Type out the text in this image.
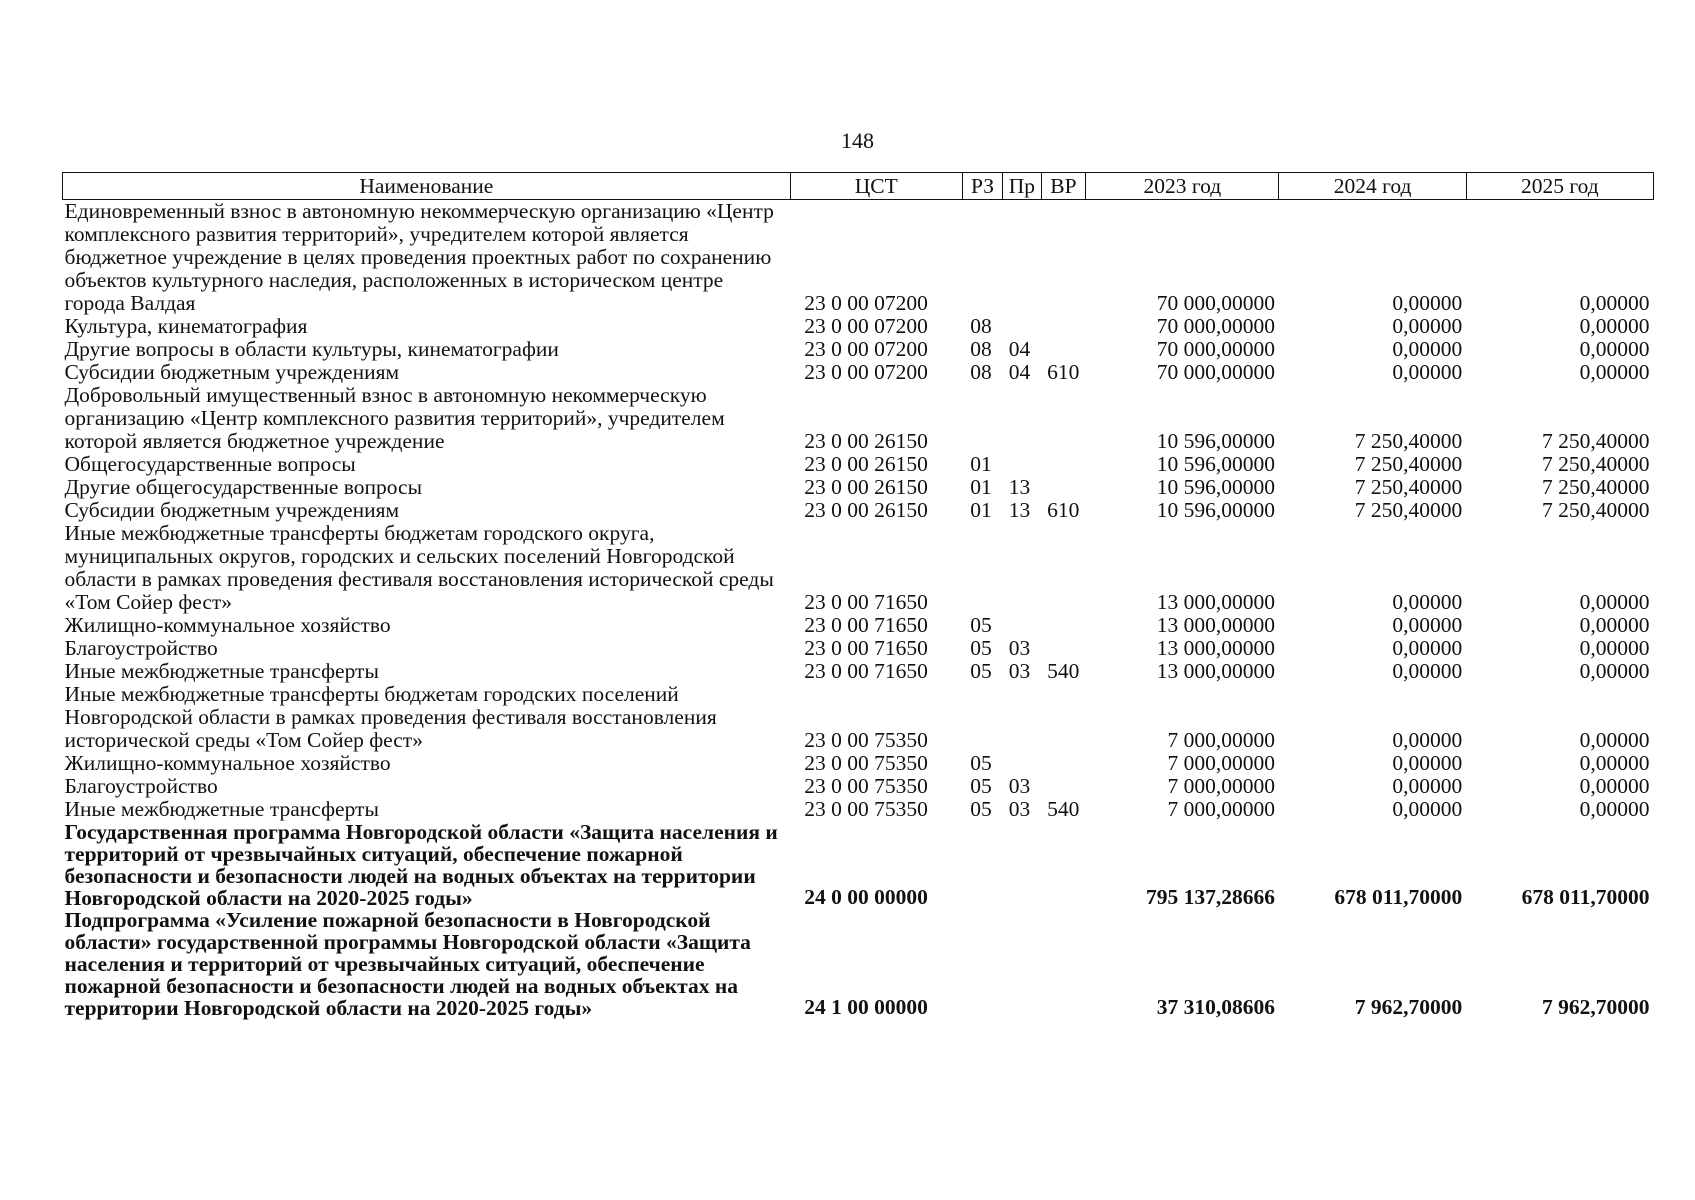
148
Наименование	ЦСТ	РЗ	Пр	ВР	2023 год	2024 год	2025 год
Единовременный взнос в автономную некоммерческую организацию «Центр комплексного развития территорий», учредителем которой является бюджетное учреждение в целях проведения проектных работ по сохранению объектов культурного наследия, расположенных в историческом центре города Валдая	23 0 00 07200				70 000,00000	0,00000	0,00000
Культура, кинематография	23 0 00 07200	08			70 000,00000	0,00000	0,00000
Другие вопросы в области культуры, кинематографии	23 0 00 07200	08	04		70 000,00000	0,00000	0,00000
Субсидии бюджетным учреждениям	23 0 00 07200	08	04	610	70 000,00000	0,00000	0,00000
Добровольный имущественный взнос в автономную некоммерческую организацию «Центр комплексного развития территорий», учредителем которой является бюджетное учреждение	23 0 00 26150				10 596,00000	7 250,40000	7 250,40000
Общегосударственные вопросы	23 0 00 26150	01			10 596,00000	7 250,40000	7 250,40000
Другие общегосударственные вопросы	23 0 00 26150	01	13		10 596,00000	7 250,40000	7 250,40000
Субсидии бюджетным учреждениям	23 0 00 26150	01	13	610	10 596,00000	7 250,40000	7 250,40000
Иные межбюджетные трансферты бюджетам городского округа, муниципальных округов, городских и сельских поселений Новгородской области в рамках проведения фестиваля восстановления исторической среды «Том Сойер фест»	23 0 00 71650				13 000,00000	0,00000	0,00000
Жилищно-коммунальное хозяйство	23 0 00 71650	05			13 000,00000	0,00000	0,00000
Благоустройство	23 0 00 71650	05	03		13 000,00000	0,00000	0,00000
Иные межбюджетные трансферты	23 0 00 71650	05	03	540	13 000,00000	0,00000	0,00000
Иные межбюджетные трансферты бюджетам городских поселений Новгородской области в рамках проведения фестиваля восстановления исторической среды «Том Сойер фест»	23 0 00 75350				7 000,00000	0,00000	0,00000
Жилищно-коммунальное хозяйство	23 0 00 75350	05			7 000,00000	0,00000	0,00000
Благоустройство	23 0 00 75350	05	03		7 000,00000	0,00000	0,00000
Иные межбюджетные трансферты	23 0 00 75350	05	03	540	7 000,00000	0,00000	0,00000
Государственная программа Новгородской области «Защита населения и территорий от чрезвычайных ситуаций, обеспечение пожарной безопасности и безопасности людей на водных объектах на территории Новгородской области на 2020-2025 годы»	24 0 00 00000				795 137,28666	678 011,70000	678 011,70000
Подпрограмма «Усиление пожарной безопасности в Новгородской области» государственной программы Новгородской области «Защита населения и территорий от чрезвычайных ситуаций, обеспечение пожарной безопасности и безопасности людей на водных объектах на территории Новгородской области на 2020-2025 годы»	24 1 00 00000				37 310,08606	7 962,70000	7 962,70000
